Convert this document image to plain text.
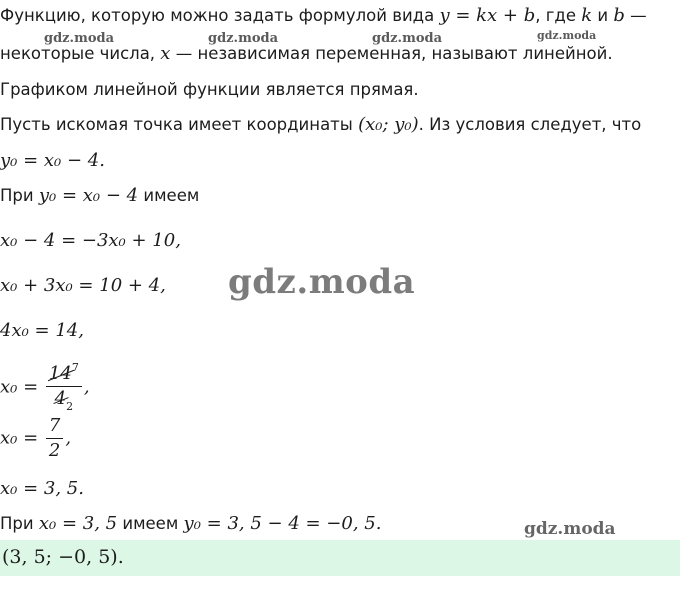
gdz.moda	gdz.moda	gdz.moda	gdz.moda
gdz.moda
Функцию, которую можно задать формулой вида y = kx + b, где k и b —
некоторые числа, x — независимая переменная, называют линейной.
Графиком линейной функции является прямая.
Пусть искомая точка имеет координаты (x₀; y₀). Из условия следует, что
y₀ = x₀ − 4.
При y₀ = x₀ − 4 имеем
x₀ − 4 = −3x₀ + 10,
x₀ + 3x₀ = 10 + 4,
4x₀ = 14,
$x_0 = \frac{14^7}{4_2}$ ,
$x_0 = \frac{7}{2}$ ,
x₀ = 3, 5.
При x₀ = 3, 5 имеем y₀ = 3, 5 − 4 = −0, 5.	gdz.moda
(3, 5; −0, 5).
